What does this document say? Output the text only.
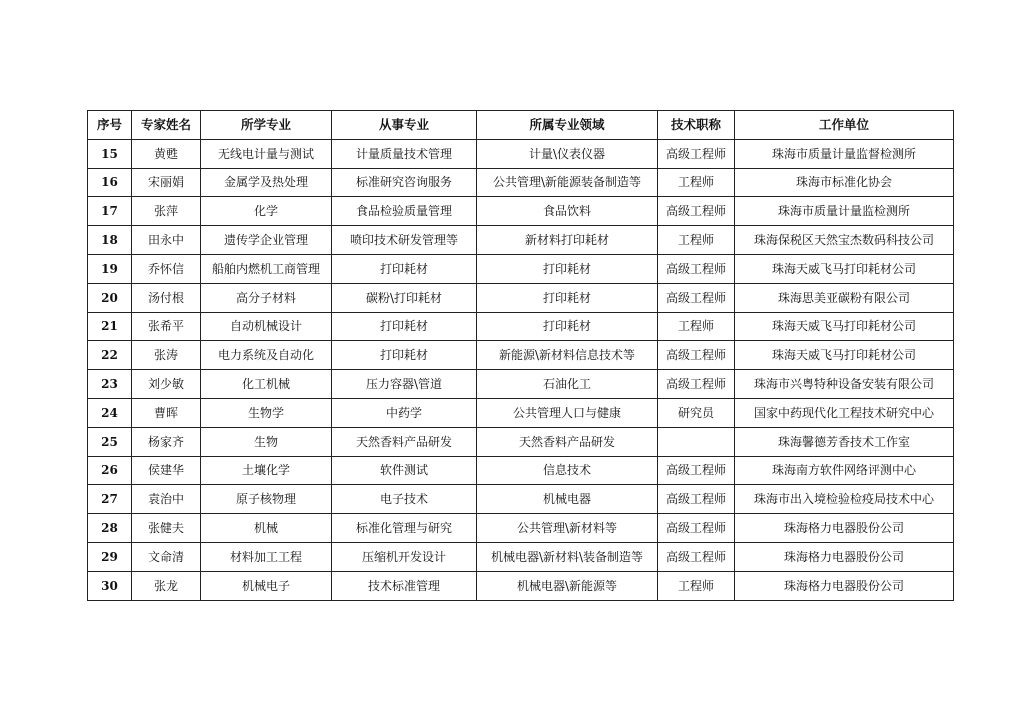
序号	专家姓名	所学专业	从事专业	所属专业领域	技术职称	工作单位
15	黄甦	无线电计量与测试	计量质量技术管理	计量\仪表仪器	高级工程师	珠海市质量计量监督检测所
16	宋丽娟	金属学及热处理	标准研究咨询服务	公共管理\新能源装备制造等	工程师	珠海市标准化协会
17	张萍	化学	食品检验质量管理	食品饮料	高级工程师	珠海市质量计量监检测所
18	田永中	遗传学企业管理	喷印技术研发管理等	新材料打印耗材	工程师	珠海保税区天然宝杰数码科技公司
19	乔怀信	船舶内燃机工商管理	打印耗材	打印耗材	高级工程师	珠海天威飞马打印耗材公司
20	汤付根	高分子材料	碳粉\打印耗材	打印耗材	高级工程师	珠海思美亚碳粉有限公司
21	张希平	自动机械设计	打印耗材	打印耗材	工程师	珠海天威飞马打印耗材公司
22	张涛	电力系统及自动化	打印耗材	新能源\新材料信息技术等	高级工程师	珠海天威飞马打印耗材公司
23	刘少敏	化工机械	压力容器\管道	石油化工	高级工程师	珠海市兴粤特种设备安装有限公司
24	曹晖	生物学	中药学	公共管理人口与健康	研究员	国家中药现代化工程技术研究中心
25	杨家齐	生物	天然香料产品研发	天然香料产品研发		珠海馨德芳香技术工作室
26	侯建华	土壤化学	软件测试	信息技术	高级工程师	珠海南方软件网络评测中心
27	袁治中	原子核物理	电子技术	机械电器	高级工程师	珠海市出入境检验检疫局技术中心
28	张健夫	机械	标准化管理与研究	公共管理\新材料等	高级工程师	珠海格力电器股份公司
29	文命清	材料加工工程	压缩机开发设计	机械电器\新材料\装备制造等	高级工程师	珠海格力电器股份公司
30	张龙	机械电子	技术标准管理	机械电器\新能源等	工程师	珠海格力电器股份公司
